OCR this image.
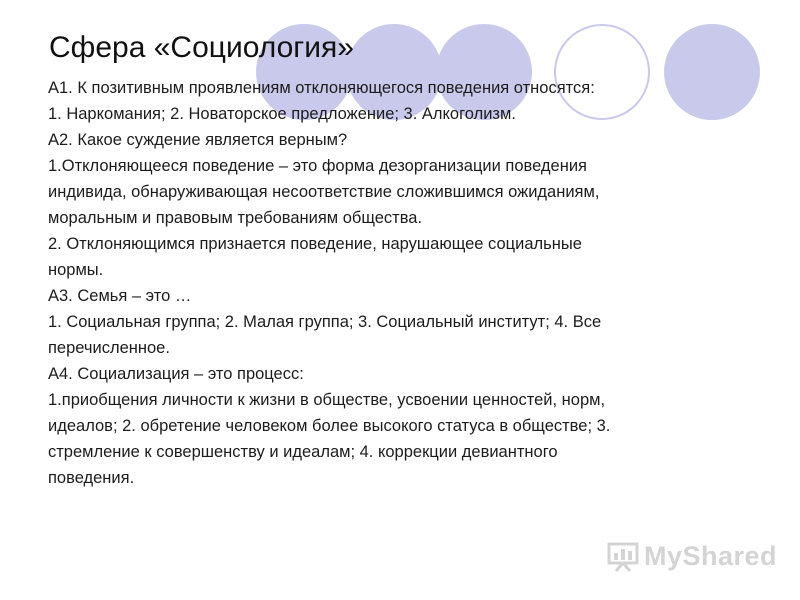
Сфера «Социология»
А1. К позитивным проявлениям отклоняющегося поведения относятся:
1. Наркомания; 2. Новаторское предложение; 3. Алкоголизм.
А2. Какое суждение является верным?
1.Отклоняющееся поведение – это форма дезорганизации поведения
индивида, обнаруживающая несоответствие сложившимся ожиданиям,
моральным и правовым требованиям общества.
2. Отклоняющимся признается поведение, нарушающее социальные
нормы.
А3. Семья – это …
1. Социальная группа; 2. Малая группа; 3. Социальный институт; 4. Все
перечисленное.
А4. Социализация – это процесс:
1.приобщения личности к жизни в обществе, усвоении ценностей, норм,
идеалов; 2. обретение человеком более высокого статуса в обществе; 3.
стремление к совершенству и идеалам; 4. коррекции девиантного
поведения.
MyShared
